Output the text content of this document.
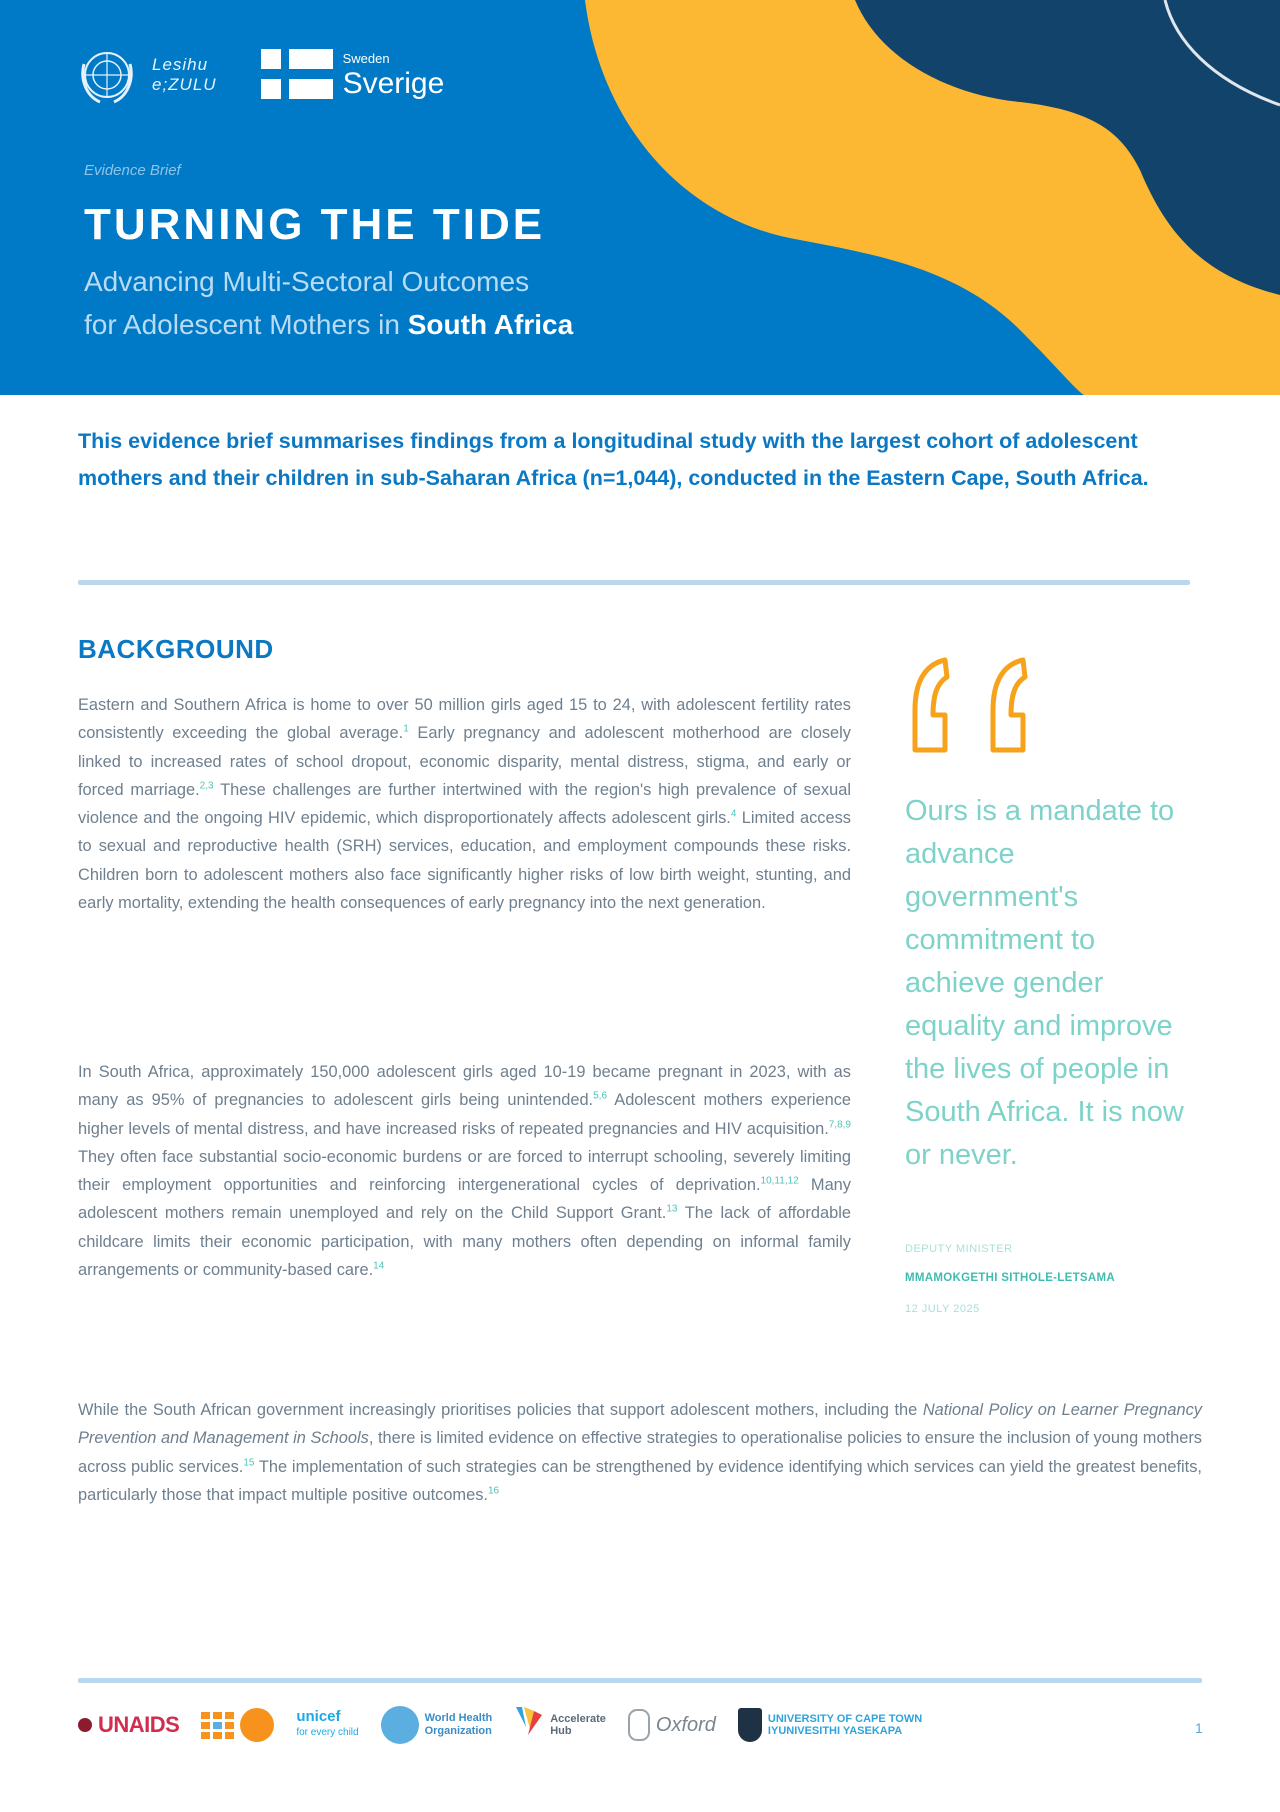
Lesihu
e;ZULU
Sweden
Sverige
Evidence Brief
TURNING THE TIDE

Advancing Multi-Sectoral Outcomes
for Adolescent Mothers in South Africa

This evidence brief summarises findings from a longitudinal study with the largest cohort of adolescent mothers and their children in sub-Saharan Africa (n=1,044), conducted in the Eastern Cape, South Africa.

BACKGROUND

Eastern and Southern Africa is home to over 50 million girls aged 15 to 24, with adolescent fertility rates consistently exceeding the global average.$^1$ Early pregnancy and adolescent motherhood are closely linked to increased rates of school dropout, economic disparity, mental distress, stigma, and early or forced marriage.$^{2,3}$ These challenges are further intertwined with the region's high prevalence of sexual violence and the ongoing HIV epidemic, which disproportionately affects adolescent girls.$^4$ Limited access to sexual and reproductive health (SRH) services, education, and employment compounds these risks. Children born to adolescent mothers also face significantly higher risks of low birth weight, stunting, and early mortality, extending the health consequences of early pregnancy into the next generation.

In South Africa, approximately 150,000 adolescent girls aged 10-19 became pregnant in 2023, with as many as 95% of pregnancies to adolescent girls being unintended.$^{5,6}$ Adolescent mothers experience higher levels of mental distress, and have increased risks of repeated pregnancies and HIV acquisition.$^{7,8,9}$ They often face substantial socio-economic burdens or are forced to interrupt schooling, severely limiting their employment opportunities and reinforcing intergenerational cycles of deprivation.$^{10,11,12}$ Many adolescent mothers remain unemployed and rely on the Child Support Grant.$^{13}$ The lack of affordable childcare limits their economic participation, with many mothers often depending on informal family arrangements or community-based care.$^{14}$

While the South African government increasingly prioritises policies that support adolescent mothers, including the National Policy on Learner Pregnancy Prevention and Management in Schools, there is limited evidence on effective strategies to operationalise policies to ensure the inclusion of young mothers across public services.$^{15}$ The implementation of such strategies can be strengthened by evidence identifying which services can yield the greatest benefits, particularly those that impact multiple positive outcomes.$^{16}$

Ours is a mandate to advance government's commitment to achieve gender equality and improve the lives of people in South Africa. It is now or never.

DEPUTY MINISTER
MMAMOKGETHI SITHOLE-LETSAMA
12 JULY 2025
UNAIDS	unicef
for every child
World Health
Organization
Accelerate
Hub	Oxford	UNIVERSITY OF CAPE TOWN
IYUNIVESITHI YASEKAPA	1
